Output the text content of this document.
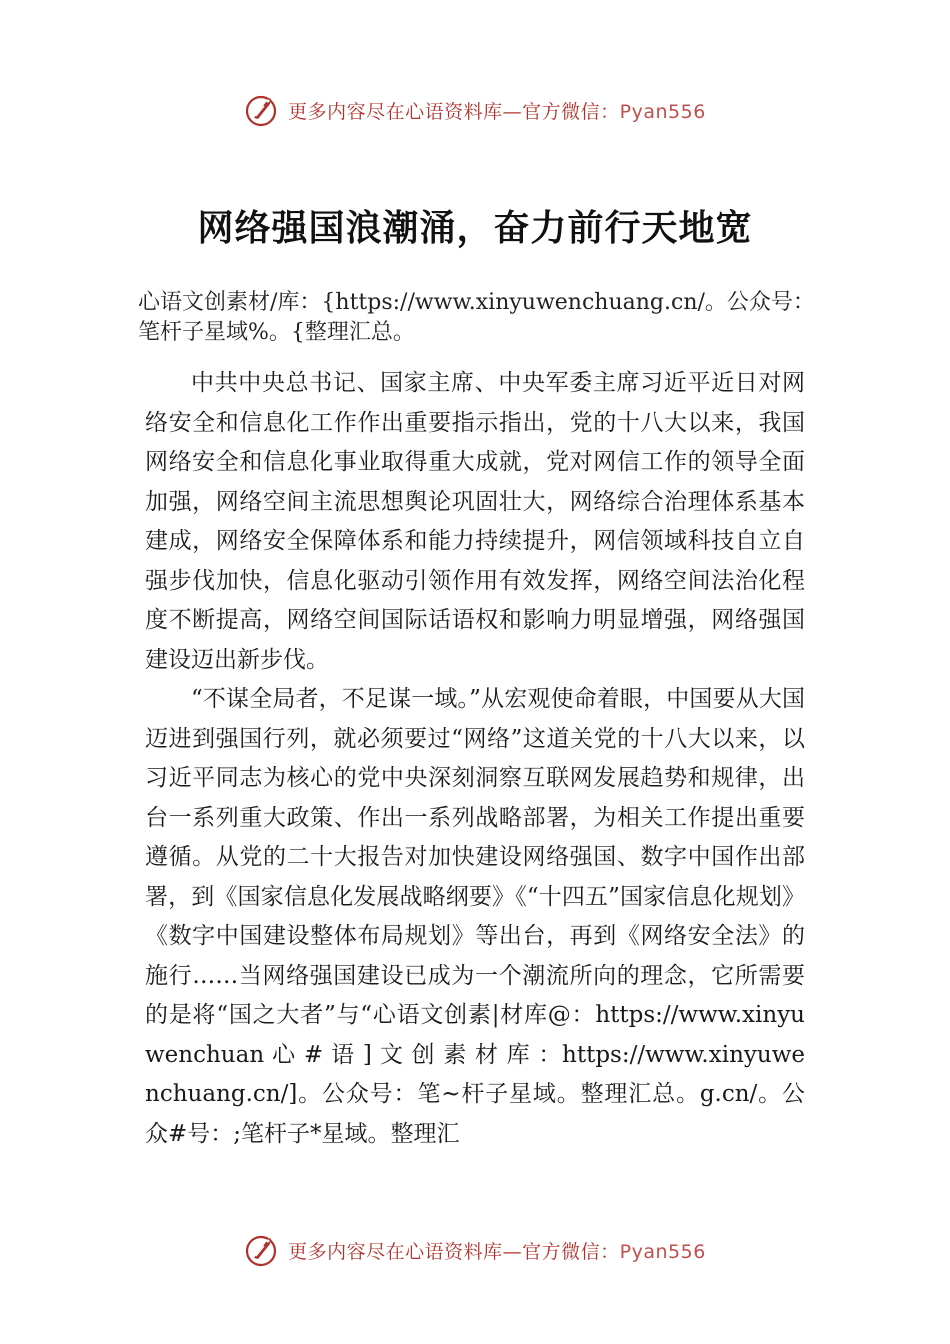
更多内容尽在心语资料库—官方微信：Pyan556
网络强国浪潮涌，奋力前行天地宽
心语文创素材/库：{https://www.xinyuwenchuang.cn/。公众号：笔杆子星域%。{整理汇总。

中共中央总书记、国家主席、中央军委主席习近平近日对网络安全和信息化工作作出重要指示指出，党的十八大以来，我国网络安全和信息化事业取得重大成就，党对网信工作的领导全面加强，网络空间主流思想舆论巩固壮大，网络综合治理体系基本建成，网络安全保障体系和能力持续提升，网信领域科技自立自强步伐加快，信息化驱动引领作用有效发挥，网络空间法治化程度不断提高，网络空间国际话语权和影响力明显增强，网络强国建设迈出新步伐。

“不谋全局者，不足谋一域。”从宏观使命着眼，中国要从大国迈进到强国行列，就必须要过“网络”这道关党的十八大以来，以习近平同志为核心的党中央深刻洞察互联网发展趋势和规律，出台一系列重大政策、作出一系列战略部署，为相关工作提出重要遵循。从党的二十大报告对加快建设网络强国、数字中国作出部署，到《国家信息化发展战略纲要》《“十四五”国家信息化规划》《数字中国建设整体布局规划》等出台，再到《网络安全法》的施行……当网络强国建设已成为一个潮流所向的理念，它所需要的是将“国之大者”与“心语文创素|材库@：https://www.xinyuwenchuan 心 # 语 ] 文 创 素 材 库 ：https://www.xinyuwenchuang.cn/]。公众号：笔~杆子星域。整理汇总。g.cn/。公众#号：;笔杆子*星域。整理汇

更多内容尽在心语资料库—官方微信：Pyan556
